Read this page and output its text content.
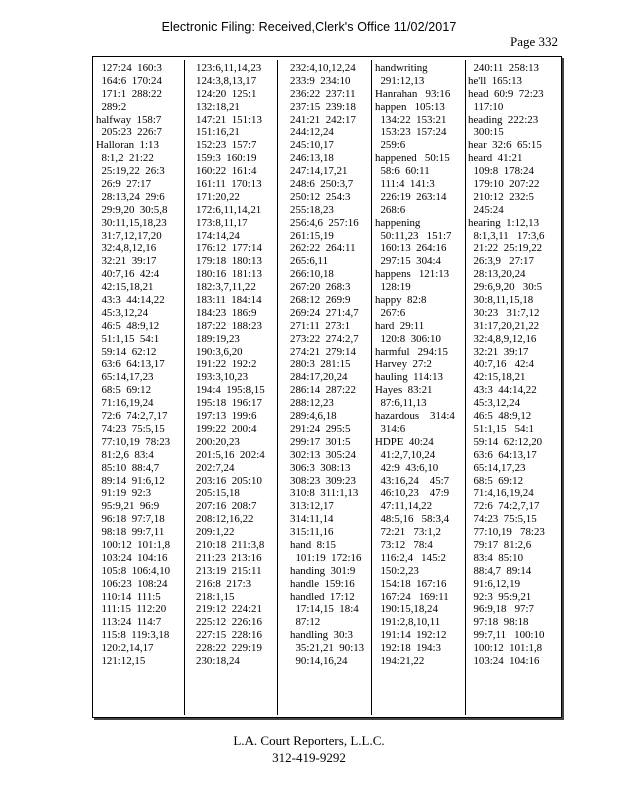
Electronic Filing: Received,Clerk's Office 11/02/2017
Page 332
127:24  160:3
164:6  170:24
171:1  288:22
289:2
halfway  158:7
205:23  226:7
Halloran  1:13
8:1,2  21:22
25:19,22  26:3
26:9  27:17
28:13,24  29:6
29:9,20  30:5,8
30:11,15,18,23
31:7,12,17,20
32:4,8,12,16
32:21  39:17
40:7,16  42:4
42:15,18,21
43:3  44:14,22
45:3,12,24
46:5  48:9,12
51:1,15  54:1
59:14  62:12
63:6  64:13,17
65:14,17,23
68:5  69:12
71:16,19,24
72:6  74:2,7,17
74:23  75:5,15
77:10,19  78:23
81:2,6  83:4
85:10  88:4,7
89:14  91:6,12
91:19  92:3
95:9,21  96:9
96:18  97:7,18
98:18  99:7,11
100:12  101:1,8
103:24  104:16
105:8  106:4,10
106:23  108:24
110:14  111:5
111:15  112:20
113:24  114:7
115:8  119:3,18
120:2,14,17
121:12,15
123:6,11,14,23
124:3,8,13,17
124:20  125:1
132:18,21
147:21  151:13
151:16,21
152:23  157:7
159:3  160:19
160:22  161:4
161:11  170:13
171:20,22
172:6,11,14,21
173:8,11,17
174:14,24
176:12  177:14
179:18  180:13
180:16  181:13
182:3,7,11,22
183:11  184:14
184:23  186:9
187:22  188:23
189:19,23
190:3,6,20
191:22  192:2
193:3,10,23
194:4  195:8,15
195:18  196:17
197:13  199:6
199:22  200:4
200:20,23
201:5,16  202:4
202:7,24
203:16  205:10
205:15,18
207:16  208:7
208:12,16,22
209:1,22
210:18  211:3,8
211:23  213:16
213:19  215:11
216:8  217:3
218:1,15
219:12  224:21
225:12  226:16
227:15  228:16
228:22  229:19
230:18,24
232:4,10,12,24
233:9  234:10
236:22  237:11
237:15  239:18
241:21  242:17
244:12,24
245:10,17
246:13,18
247:14,17,21
248:6  250:3,7
250:12  254:3
255:18,23
256:4,6  257:16
261:15,19
262:22  264:11
265:6,11
266:10,18
267:20  268:3
268:12  269:9
269:24  271:4,7
271:11  273:1
273:22  274:2,7
274:21  279:14
280:3  281:15
284:17,20,24
286:14  287:22
288:12,23
289:4,6,18
291:24  295:5
299:17  301:5
302:13  305:24
306:3  308:13
308:23  309:23
310:8  311:1,13
313:12,17
314:11,14
315:11,16
hand  8:15
101:19  172:16
handing  301:9
handle  159:16
handled  17:12
17:14,15  18:4
87:12
handling  30:3
35:21,21  90:13
90:14,16,24
handwriting
291:12,13
Hanrahan   93:16
happen   105:13
134:22  153:21
153:23  157:24
259:6
happened   50:15
58:6  60:11
111:4  141:3
226:19  263:14
268:6
happening
50:11,23   151:7
160:13  264:16
297:15  304:4
happens   121:13
128:19
happy  82:8
267:6
hard  29:11
120:8  306:10
harmful   294:15
Harvey  27:2
hauling  114:13
Hayes  83:21
87:6,11,13
hazardous    314:4
314:6
HDPE  40:24
41:2,7,10,24
42:9  43:6,10
43:16,24    45:7
46:10,23    47:9
47:11,14,22
48:5,16   58:3,4
72:21   73:1,2
73:12   78:4
116:2,4   145:2
150:2,23
154:18  167:16
167:24   169:11
190:15,18,24
191:2,8,10,11
191:14  192:12
192:18  194:3
194:21,22
240:11  258:13
he'll  165:13
head  60:9  72:23
117:10
heading  222:23
300:15
hear  32:6  65:15
heard  41:21
109:8  178:24
179:10  207:22
210:12  232:5
245:24
hearing  1:12,13
8:1,3,11   17:3,6
21:22  25:19,22
26:3,9   27:17
28:13,20,24
29:6,9,20   30:5
30:8,11,15,18
30:23   31:7,12
31:17,20,21,22
32:4,8,9,12,16
32:21  39:17
40:7,16   42:4
42:15,18,21
43:3  44:14,22
45:3,12,24
46:5  48:9,12
51:1,15   54:1
59:14  62:12,20
63:6  64:13,17
65:14,17,23
68:5  69:12
71:4,16,19,24
72:6  74:2,7,17
74:23  75:5,15
77:10,19   78:23
79:17  81:2,6
83:4  85:10
88:4,7  89:14
91:6,12,19
92:3  95:9,21
96:9,18   97:7
97:18  98:18
99:7,11   100:10
100:12  101:1,8
103:24  104:16
L.A. Court Reporters, L.L.C.
312-419-9292
